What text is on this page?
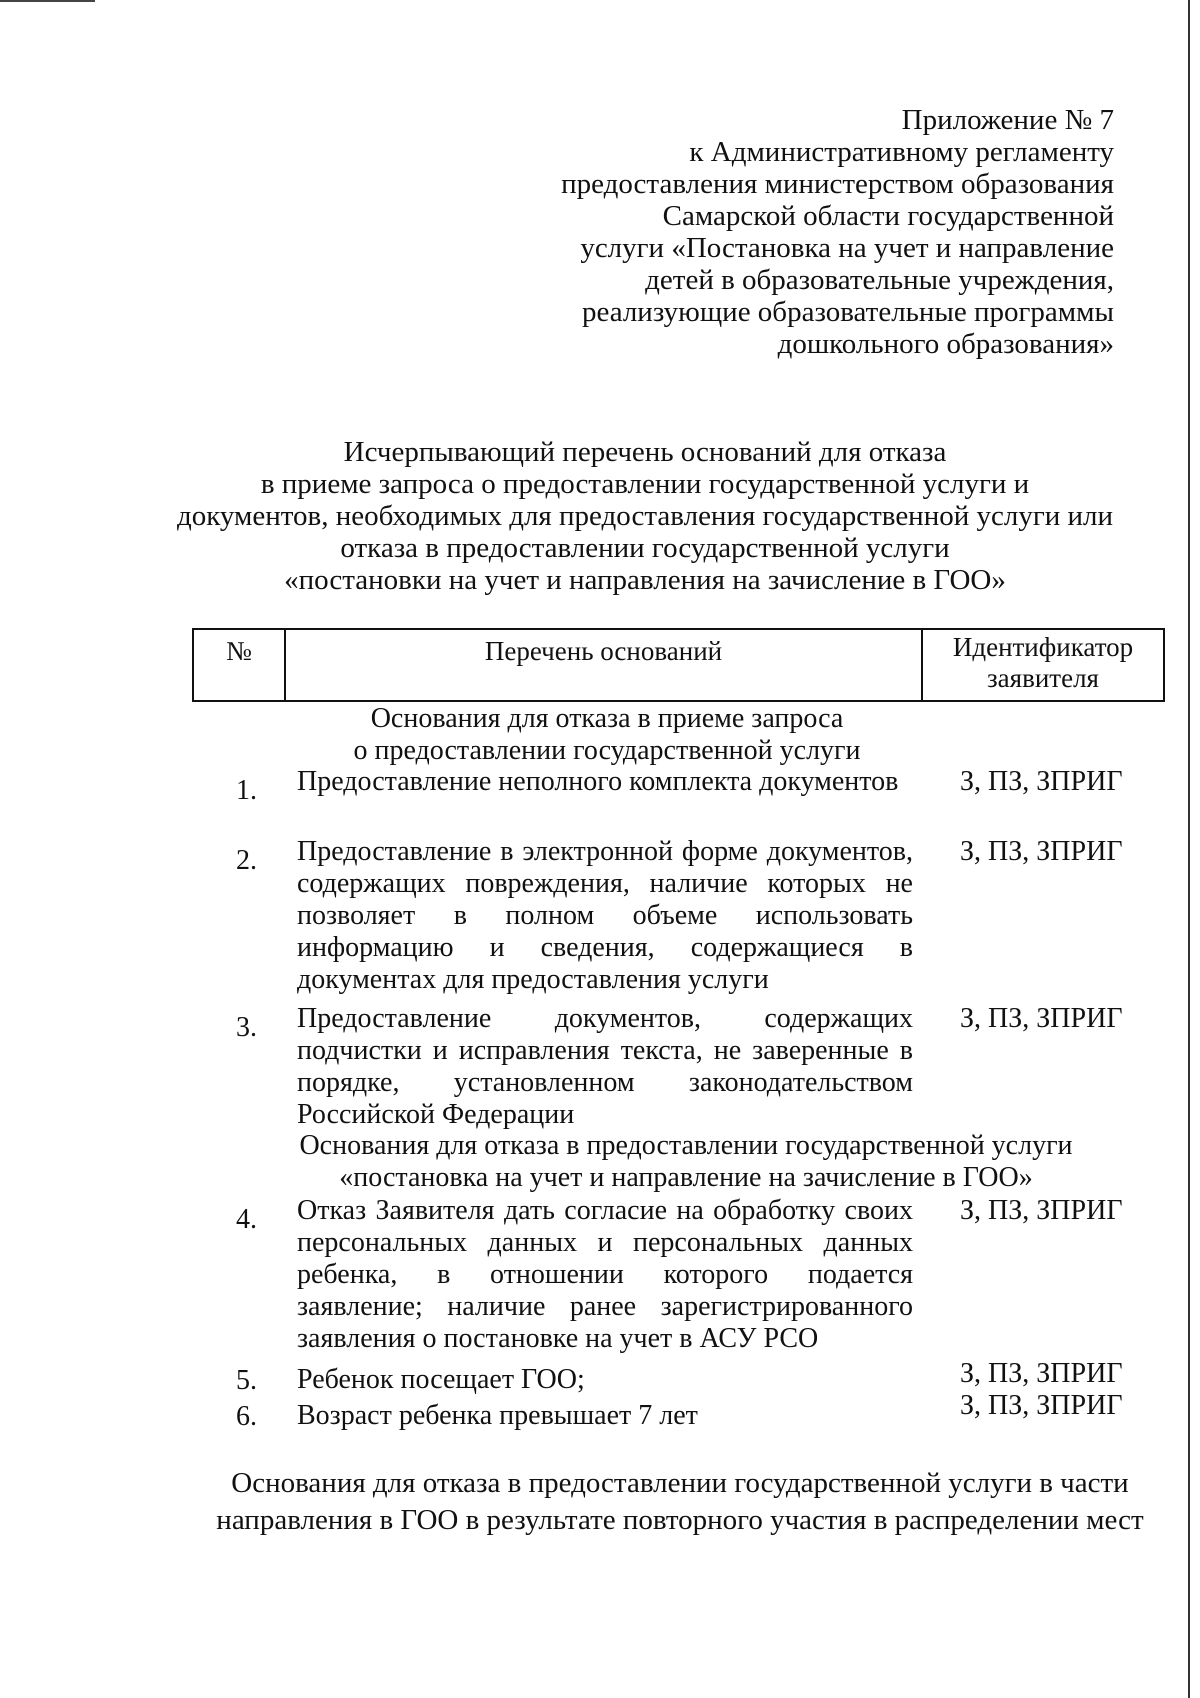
Приложение № 7
к Административному регламенту
предоставления министерством образования
Самарской области государственной
услуги «Постановка на учет и направление
детей в образовательные учреждения,
реализующие образовательные программы
дошкольного образования»
Исчерпывающий перечень оснований для отказа
в приеме запроса о предоставлении государственной услуги и
документов, необходимых для предоставления государственной услуги или
отказа в предоставлении государственной услуги
«постановки на учет и направления на зачисление в ГОО»
№	Перечень оснований	Идентификатор
заявителя
Основания для отказа в приеме запроса
о предоставлении государственной услуги
1. Предоставление неполного комплекта документов	З, ПЗ, ЗПРИГ
2. Предоставление в электронной форме документов, содержащих повреждения, наличие которых не позволяет в полном объеме использовать информацию и сведения, содержащиеся в документах для предоставления услуги
З, ПЗ, ЗПРИГ
3. Предоставление документов, содержащих подчистки и исправления текста, не заверенные в порядке, установленном законодательством Российской Федерации
З, ПЗ, ЗПРИГ
Основания для отказа в предоставлении государственной услуги
«постановка на учет и направление на зачисление в ГОО»
4. Отказ Заявителя дать согласие на обработку своих персональных данных и персональных данных ребенка, в отношении которого подается заявление; наличие ранее зарегистрированного заявления о постановке на учет в АСУ РСО
З, ПЗ, ЗПРИГ
5. Ребенок посещает ГОО;	З, ПЗ, ЗПРИГ
6. Возраст ребенка превышает 7 лет	З, ПЗ, ЗПРИГ
Основания для отказа в предоставлении государственной услуги в части
направления в ГОО в результате повторного участия в распределении мест
